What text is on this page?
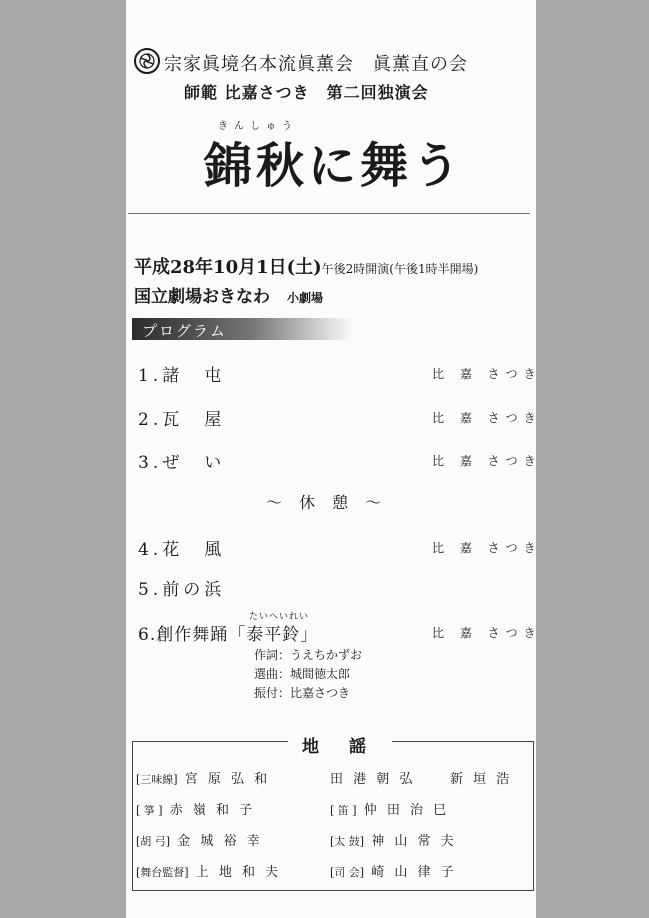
宗家眞境名本流眞薫会　眞薫直の会
師範 比嘉さつき　第二回独演会
きんしゅう
錦秋に舞う
平成28年10月1日(土)午後2時開演(午後1時半開場)
国立劇場おきなわ　 小劇場
プログラム
1.諸　屯	比 嘉 さつき
2.瓦　屋	比 嘉 さつき
3.ぜ　い	比 嘉 さつき
〜 休 憩 〜
4.花　風	比 嘉 さつき
5.前の浜
たいへいれい
6.創作舞踊「泰平鈴」	比 嘉 さつき
作詞：うえちかずお
選曲：城間徳太郎
振付：比嘉さつき
地 謡
[三味線] 宮 原 弘 和	田 港 朝 弘	新 垣 浩
[ 箏 ] 赤 嶺 和 子	[ 笛 ] 仲 田 治 巳
[胡 弓] 金 城 裕 幸	[太 鼓] 神 山 常 夫
[舞台監督] 上 地 和 夫	[司 会] 崎 山 律 子
